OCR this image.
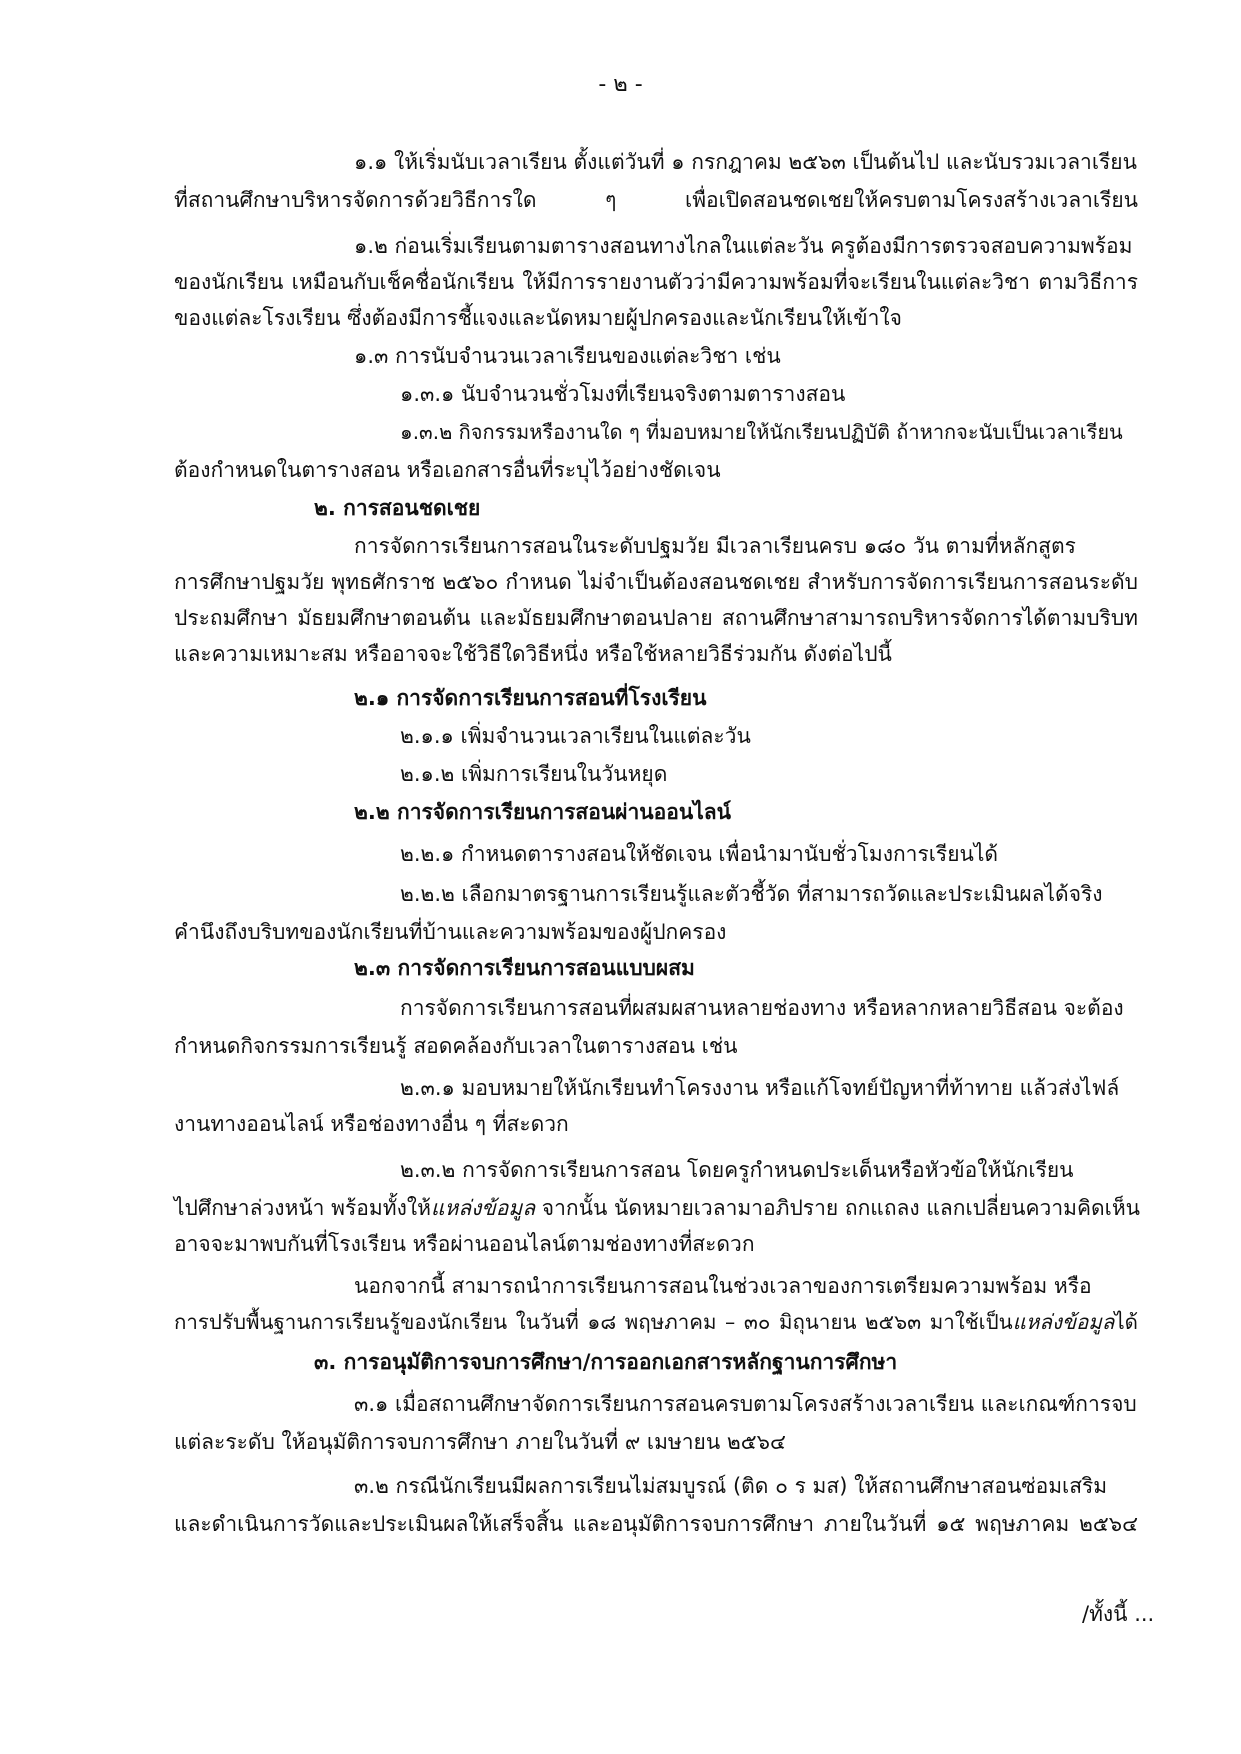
- ๒ -
๑.๑ ให้เริ่มนับเวลาเรียน ตั้งแต่วันที่ ๑ กรกฎาคม ๒๕๖๓ เป็นต้นไป และนับรวมเวลาเรียน
ที่สถานศึกษาบริหารจัดการด้วยวิธีการใด ๆ เพื่อเปิดสอนชดเชยให้ครบตามโครงสร้างเวลาเรียน
๑.๒ ก่อนเริ่มเรียนตามตารางสอนทางไกลในแต่ละวัน ครูต้องมีการตรวจสอบความพร้อม
ของนักเรียน เหมือนกับเช็คชื่อนักเรียน ให้มีการรายงานตัวว่ามีความพร้อมที่จะเรียนในแต่ละวิชา ตามวิธีการ
ของแต่ละโรงเรียน ซึ่งต้องมีการชี้แจงและนัดหมายผู้ปกครองและนักเรียนให้เข้าใจ
๑.๓ การนับจำนวนเวลาเรียนของแต่ละวิชา เช่น
๑.๓.๑ นับจำนวนชั่วโมงที่เรียนจริงตามตารางสอน
๑.๓.๒ กิจกรรมหรืองานใด ๆ ที่มอบหมายให้นักเรียนปฏิบัติ ถ้าหากจะนับเป็นเวลาเรียน
ต้องกำหนดในตารางสอน หรือเอกสารอื่นที่ระบุไว้อย่างชัดเจน
๒. การสอนชดเชย
การจัดการเรียนการสอนในระดับปฐมวัย มีเวลาเรียนครบ ๑๘๐ วัน ตามที่หลักสูตร
การศึกษาปฐมวัย พุทธศักราช ๒๕๖๐ กำหนด ไม่จำเป็นต้องสอนชดเชย สำหรับการจัดการเรียนการสอนระดับ
ประถมศึกษา มัธยมศึกษาตอนต้น และมัธยมศึกษาตอนปลาย สถานศึกษาสามารถบริหารจัดการได้ตามบริบท
และความเหมาะสม หรืออาจจะใช้วิธีใดวิธีหนึ่ง หรือใช้หลายวิธีร่วมกัน ดังต่อไปนี้
๒.๑ การจัดการเรียนการสอนที่โรงเรียน
๒.๑.๑ เพิ่มจำนวนเวลาเรียนในแต่ละวัน
๒.๑.๒ เพิ่มการเรียนในวันหยุด
๒.๒ การจัดการเรียนการสอนผ่านออนไลน์
๒.๒.๑ กำหนดตารางสอนให้ชัดเจน เพื่อนำมานับชั่วโมงการเรียนได้
๒.๒.๒ เลือกมาตรฐานการเรียนรู้และตัวชี้วัด ที่สามารถวัดและประเมินผลได้จริง
คำนึงถึงบริบทของนักเรียนที่บ้านและความพร้อมของผู้ปกครอง
๒.๓ การจัดการเรียนการสอนแบบผสม
การจัดการเรียนการสอนที่ผสมผสานหลายช่องทาง หรือหลากหลายวิธีสอน จะต้อง
กำหนดกิจกรรมการเรียนรู้ สอดคล้องกับเวลาในตารางสอน เช่น
๒.๓.๑ มอบหมายให้นักเรียนทำโครงงาน หรือแก้โจทย์ปัญหาที่ท้าทาย แล้วส่งไฟล์
งานทางออนไลน์ หรือช่องทางอื่น ๆ ที่สะดวก
๒.๓.๒ การจัดการเรียนการสอน โดยครูกำหนดประเด็นหรือหัวข้อให้นักเรียน
ไปศึกษาล่วงหน้า พร้อมทั้งให้แหล่งข้อมูล จากนั้น นัดหมายเวลามาอภิปราย ถกแถลง แลกเปลี่ยนความคิดเห็น
อาจจะมาพบกันที่โรงเรียน หรือผ่านออนไลน์ตามช่องทางที่สะดวก
นอกจากนี้ สามารถนำการเรียนการสอนในช่วงเวลาของการเตรียมความพร้อม หรือ
การปรับพื้นฐานการเรียนรู้ของนักเรียน ในวันที่ ๑๘ พฤษภาคม – ๓๐ มิถุนายน ๒๕๖๓ มาใช้เป็นแหล่งข้อมูลได้
๓. การอนุมัติการจบการศึกษา/การออกเอกสารหลักฐานการศึกษา
๓.๑ เมื่อสถานศึกษาจัดการเรียนการสอนครบตามโครงสร้างเวลาเรียน และเกณฑ์การจบ
แต่ละระดับ ให้อนุมัติการจบการศึกษา ภายในวันที่ ๙ เมษายน ๒๕๖๔
๓.๒ กรณีนักเรียนมีผลการเรียนไม่สมบูรณ์ (ติด ๐ ร มส) ให้สถานศึกษาสอนซ่อมเสริม
และดำเนินการวัดและประเมินผลให้เสร็จสิ้น และอนุมัติการจบการศึกษา ภายในวันที่ ๑๕ พฤษภาคม ๒๕๖๔
/ทั้งนี้ ...
